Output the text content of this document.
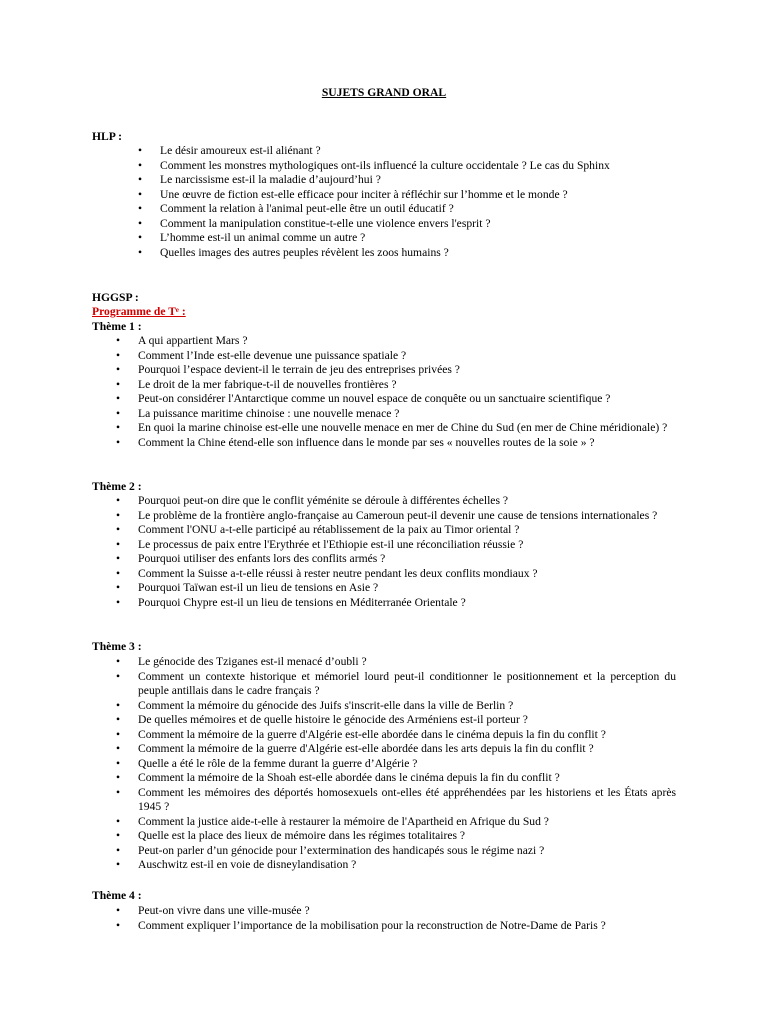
SUJETS GRAND ORAL
HLP :
• Le désir amoureux est-il aliénant ?
• Comment les monstres mythologiques ont-ils influencé la culture occidentale ? Le cas du Sphinx
• Le narcissisme est-il la maladie d’aujourd’hui ?
• Une œuvre de fiction est-elle efficace pour inciter à réfléchir sur l’homme et le monde ?
• Comment la relation à l'animal peut-elle être un outil éducatif ?
• Comment la manipulation constitue-t-elle une violence envers l'esprit ?
• L’homme est-il un animal comme un autre ?
• Quelles images des autres peuples révèlent les zoos humains ?
HGGSP :
Programme de Tᵉ :
Thème 1 :
• A qui appartient Mars ?
• Comment l’Inde est-elle devenue une puissance spatiale ?
• Pourquoi l’espace devient-il le terrain de jeu des entreprises privées ?
• Le droit de la mer fabrique-t-il de nouvelles frontières ?
• Peut-on considérer l'Antarctique comme un nouvel espace de conquête ou un sanctuaire scientifique ?
• La puissance maritime chinoise : une nouvelle menace ?
• En quoi la marine chinoise est-elle une nouvelle menace en mer de Chine du Sud (en mer de Chine méridionale) ?
• Comment la Chine étend-elle son influence dans le monde par ses « nouvelles routes de la soie » ?
Thème 2 :
• Pourquoi peut-on dire que le conflit yéménite se déroule à différentes échelles ?
• Le problème de la frontière anglo-française au Cameroun peut-il devenir une cause de tensions internationales ?
• Comment l'ONU a-t-elle participé au rétablissement de la paix au Timor oriental ?
• Le processus de paix entre l'Erythrée et l'Ethiopie est-il une réconciliation réussie ?
• Pourquoi utiliser des enfants lors des conflits armés ?
• Comment la Suisse a-t-elle réussi à rester neutre pendant les deux conflits mondiaux ?
• Pourquoi Taïwan est-il un lieu de tensions en Asie ?
• Pourquoi Chypre est-il un lieu de tensions en Méditerranée Orientale ?
Thème 3 :
• Le génocide des Tziganes est-il menacé d’oubli ?
• Comment un contexte historique et mémoriel lourd peut-il conditionner le positionnement et la perception du peuple antillais dans le cadre français ?
• Comment la mémoire du génocide des Juifs s'inscrit-elle dans la ville de Berlin ?
• De quelles mémoires et de quelle histoire le génocide des Arméniens est-il porteur ?
• Comment la mémoire de la guerre d'Algérie est-elle abordée dans le cinéma depuis la fin du conflit ?
• Comment la mémoire de la guerre d'Algérie est-elle abordée dans les arts depuis la fin du conflit ?
• Quelle a été le rôle de la femme durant la guerre d’Algérie ?
• Comment la mémoire de la Shoah est-elle abordée dans le cinéma depuis la fin du conflit ?
• Comment les mémoires des déportés homosexuels ont-elles été appréhendées par les historiens et les États après 1945 ?
• Comment la justice aide-t-elle à restaurer la mémoire de l'Apartheid en Afrique du Sud ?
• Quelle est la place des lieux de mémoire dans les régimes totalitaires ?
• Peut-on parler d’un génocide pour l’extermination des handicapés sous le régime nazi ?
• Auschwitz est-il en voie de disneylandisation ?
Thème 4 :
• Peut-on vivre dans une ville-musée ?
• Comment expliquer l’importance de la mobilisation pour la reconstruction de Notre-Dame de Paris ?
